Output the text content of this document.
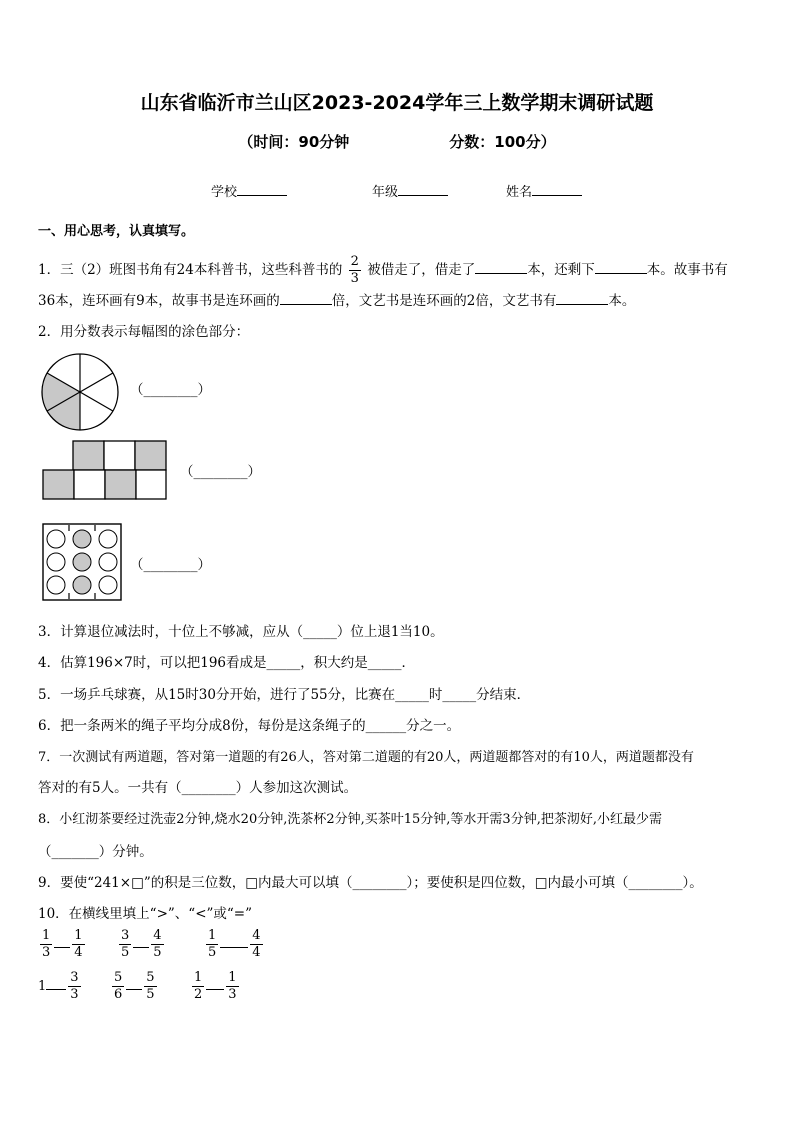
山东省临沂市兰山区2023-2024学年三上数学期末调研试题
（时间：90分钟	分数：100分）
学校	年级	姓名
一、用心思考，认真填写。
1．三（2）班图书角有24本科普书，这些科普书的 $\frac{2}{3}$ 被借走了，借走了	本，还剩下	本。故事书有
36本，连环画有9本，故事书是连环画的	倍，文艺书是连环画的2倍，文艺书有	本。
2．用分数表示每幅图的涂色部分：
（________）
（________）
（________）
3．计算退位减法时，十位上不够减，应从（_____）位上退1当10。
4．估算196×7时，可以把196看成是_____，积大约是_____．
5．一场乒乓球赛，从15时30分开始，进行了55分，比赛在_____时_____分结束．
6．把一条两米的绳子平均分成8份，每份是这条绳子的______分之一。
7．一次测试有两道题，答对第一道题的有26人，答对第二道题的有20人，两道题都答对的有10人，两道题都没有
答对的有5人。一共有（________）人参加这次测试。
8．小红沏茶要经过洗壶2分钟,烧水20分钟,洗茶杯2分钟,买茶叶15分钟,等水开需3分钟,把茶沏好,小红最少需
（_______）分钟。
9．要使“241×□”的积是三位数，□内最大可以填（________）；要使积是四位数，□内最小可填（________）。
10．在横线里填上“>”、“<”或“=”
$\frac{1}{3} \frac{1}{4}$	$\frac{3}{5} \frac{4}{5}$	$\frac{1}{5} \frac{4}{4}$
$1 \frac{3}{3} \frac{5}{6} \frac{5}{5}$	$\frac{1}{2} \frac{1}{3}$
